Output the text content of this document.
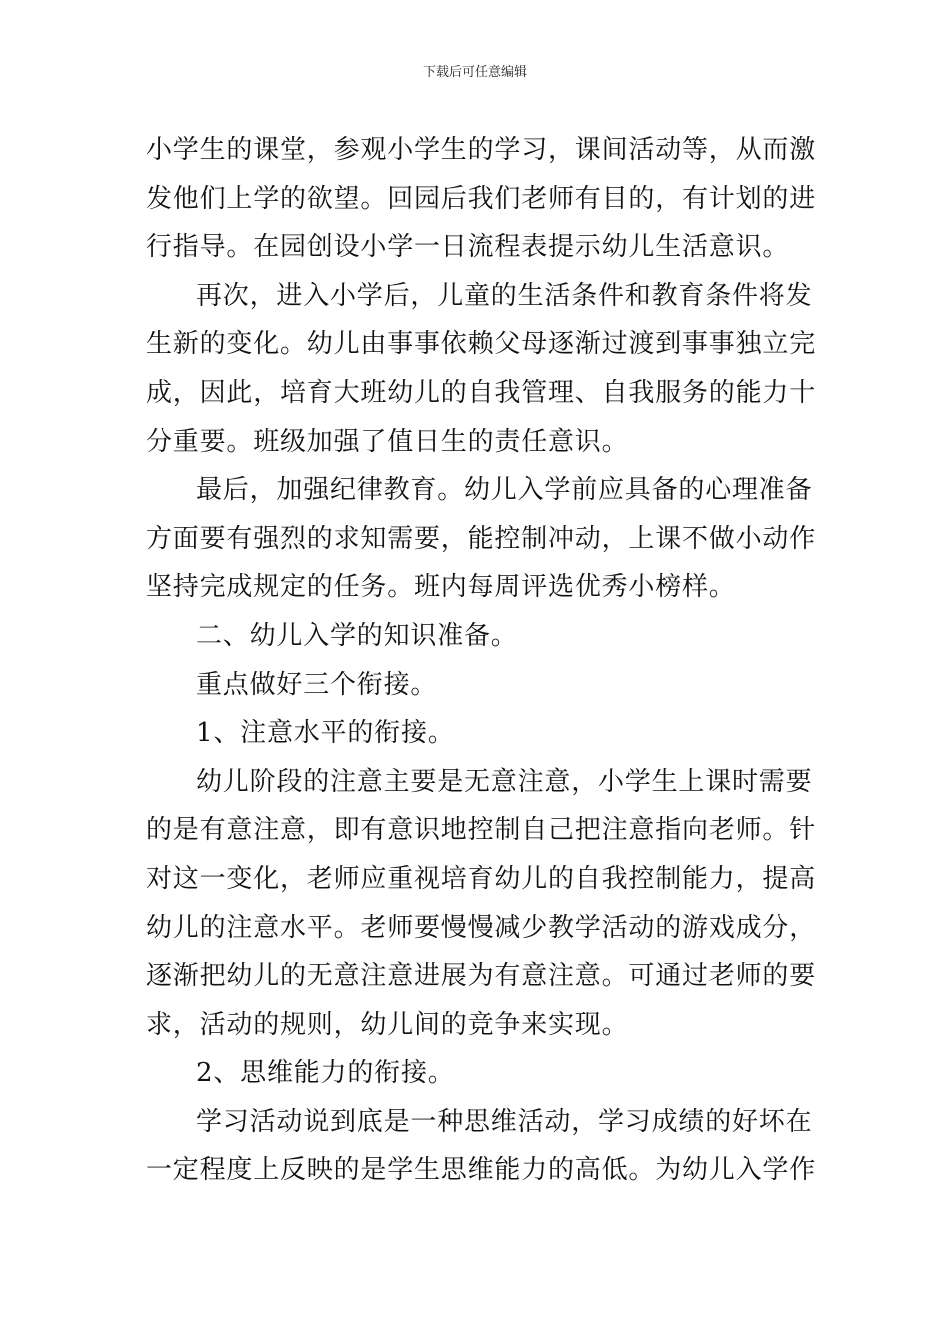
下载后可任意编辑
小学生的课堂，参观小学生的学习，课间活动等，从而激
发他们上学的欲望。回园后我们老师有目的，有计划的进
行指导。在园创设小学一日流程表提示幼儿生活意识。
再次，进入小学后，儿童的生活条件和教育条件将发
生新的变化。幼儿由事事依赖父母逐渐过渡到事事独立完
成，因此，培育大班幼儿的自我管理、自我服务的能力十
分重要。班级加强了值日生的责任意识。
最后，加强纪律教育。幼儿入学前应具备的心理准备
方面要有强烈的求知需要，能控制冲动，上课不做小动作
坚持完成规定的任务。班内每周评选优秀小榜样。
二、幼儿入学的知识准备。
重点做好三个衔接。
1、注意水平的衔接。
幼儿阶段的注意主要是无意注意，小学生上课时需要
的是有意注意，即有意识地控制自己把注意指向老师。针
对这一变化，老师应重视培育幼儿的自我控制能力，提高
幼儿的注意水平。老师要慢慢减少教学活动的游戏成分，
逐渐把幼儿的无意注意进展为有意注意。可通过老师的要
求，活动的规则，幼儿间的竞争来实现。
2、思维能力的衔接。
学习活动说到底是一种思维活动，学习成绩的好坏在
一定程度上反映的是学生思维能力的高低。为幼儿入学作
